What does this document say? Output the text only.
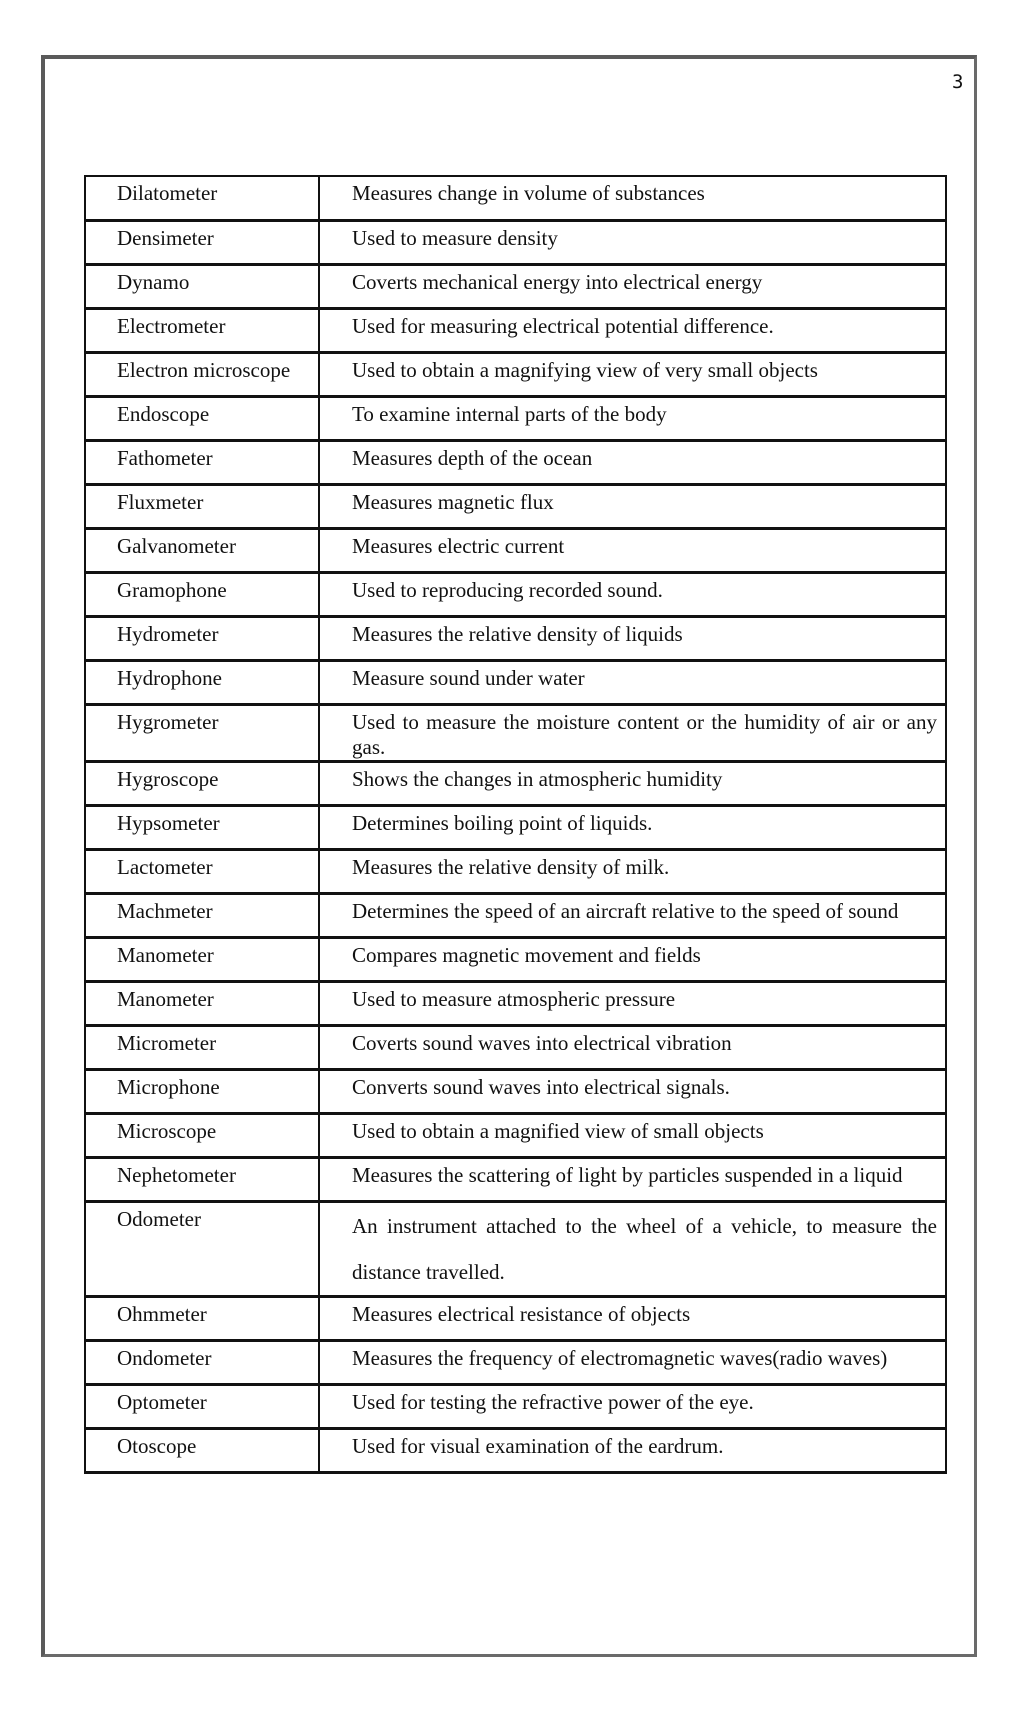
3
Dilatometer	Measures change in volume of substances
Densimeter	Used to measure density
Dynamo	Coverts mechanical energy into electrical energy
Electrometer	Used for measuring electrical potential difference.
Electron microscope	Used to obtain a magnifying view of very small objects
Endoscope	To examine internal parts of the body
Fathometer	Measures depth of the ocean
Fluxmeter	Measures magnetic flux
Galvanometer	Measures electric current
Gramophone	Used to reproducing recorded sound.
Hydrometer	Measures the relative density of liquids
Hydrophone	Measure sound under water
Hygrometer	Used to measure the moisture content or the humidity of air or any gas.
Hygroscope	Shows the changes in atmospheric humidity
Hypsometer	Determines boiling point of liquids.
Lactometer	Measures the relative density of milk.
Machmeter	Determines the speed of an aircraft relative to the speed of sound
Manometer	Compares magnetic movement and fields
Manometer	Used to measure atmospheric pressure
Micrometer	Coverts sound waves into electrical vibration
Microphone	Converts sound waves into electrical signals.
Microscope	Used to obtain a magnified view of small objects
Nephetometer	Measures the scattering of light by particles suspended in a liquid
Odometer	An instrument attached to the wheel of a vehicle, to measure the distance travelled.
Ohmmeter	Measures electrical resistance of objects
Ondometer	Measures the frequency of electromagnetic waves(radio waves)
Optometer	Used for testing the refractive power of the eye.
Otoscope	Used for visual examination of the eardrum.
